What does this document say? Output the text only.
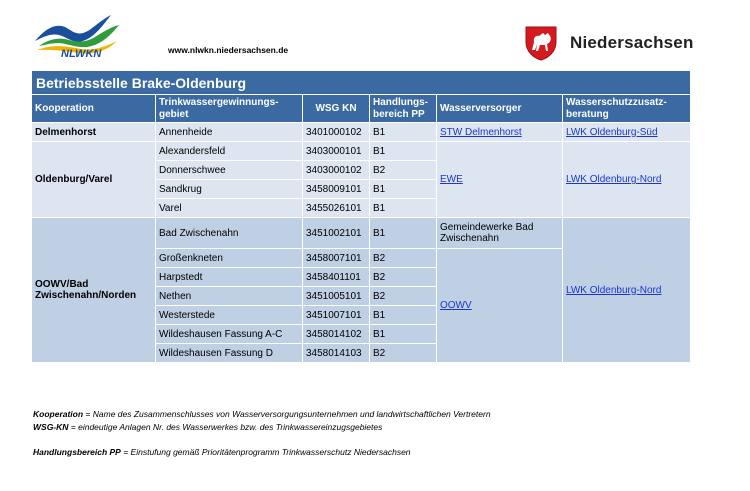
NLWKN	www.nlwkn.niedersachsen.de	Niedersachsen
Betriebsstelle Brake-Oldenburg					
Kooperation	Trinkwassergewinnungs-gebiet	WSG KN	Handlungs-bereich PP	Wasserversorger	Wasserschutzzusatz-beratung
Delmenhorst	Annenheide	3401000102	B1	STW Delmenhorst	LWK Oldenburg-Süd
Oldenburg/Varel	Alexandersfeld	3403000101	B1	EWE	LWK Oldenburg-Nord
	Donnerschwee	3403000102	B2		
	Sandkrug	3458009101	B1		
	Varel	3455026101	B1		
OOWV/Bad Zwischenahn/Norden	Bad Zwischenahn	3451002101	B1	Gemeindewerke Bad Zwischenahn	LWK Oldenburg-Nord
	Großenkneten	3458007101	B2	OOWV	
	Harpstedt	3458401101	B2		
	Nethen	3451005101	B2		
	Westerstede	3451007101	B1		
	Wildeshausen Fassung A-C	3458014102	B1		
	Wildeshausen Fassung D	3458014103	B2		
Kooperation = Name des Zusammenschlusses von Wasserversorgungsunternehmen und landwirtschaftlichen Vertretern
WSG-KN = eindeutige Anlagen Nr. des Wasserwerkes bzw. des Trinkwassereinzugsgebietes
Handlungsbereich PP = Einstufung gemäß Prioritätenprogramm Trinkwasserschutz Niedersachsen
